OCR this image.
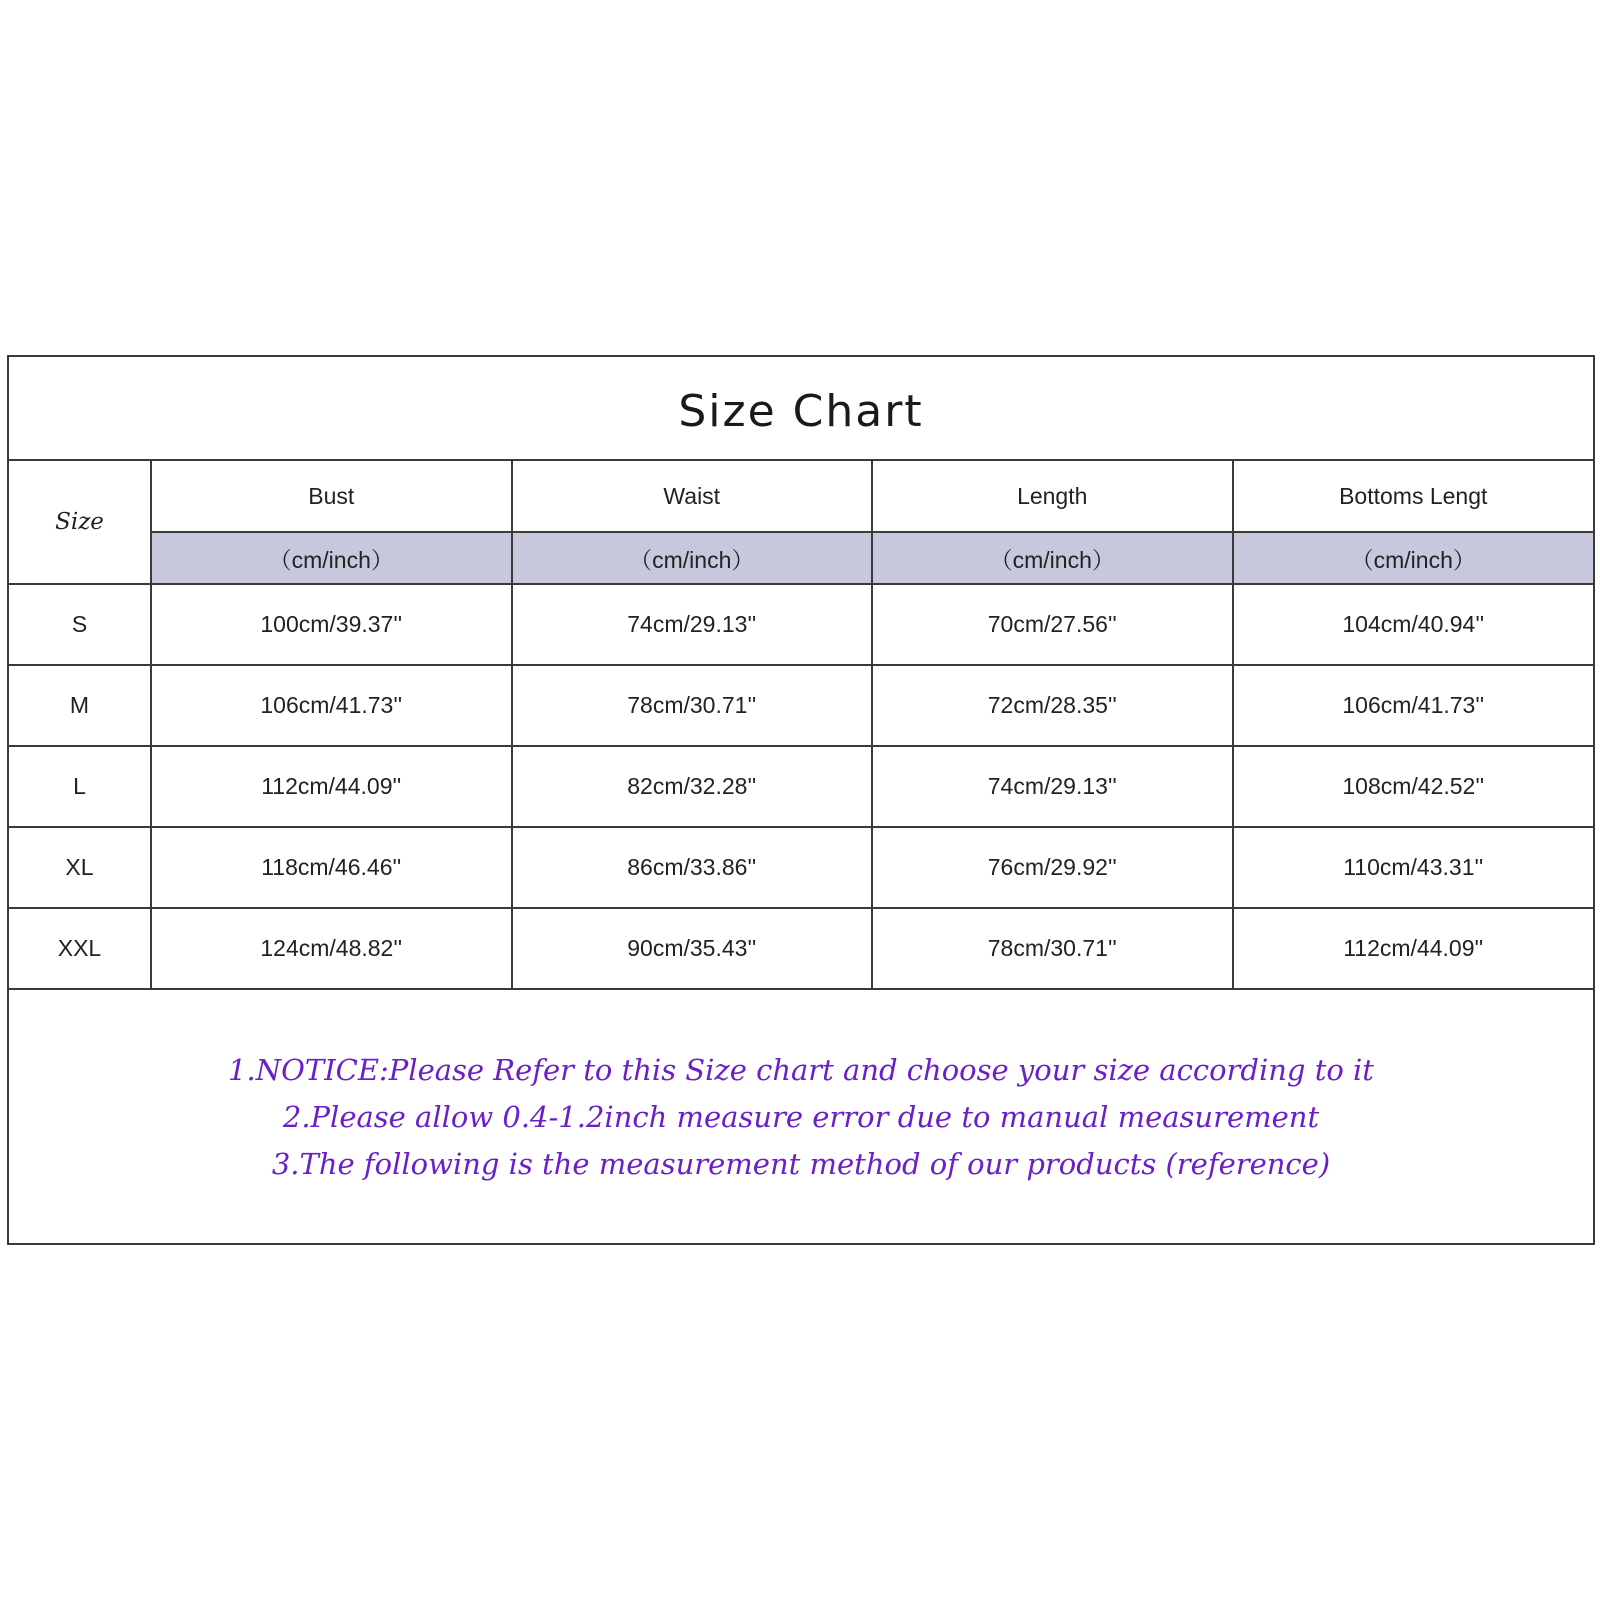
Size Chart
Size	Bust	Waist	Length	Bottoms Lengt
	（cm/inch）	（cm/inch）	（cm/inch）	（cm/inch）
S	100cm/39.37''	74cm/29.13''	70cm/27.56''	104cm/40.94''
M	106cm/41.73''	78cm/30.71''	72cm/28.35''	106cm/41.73''
L	112cm/44.09''	82cm/32.28''	74cm/29.13''	108cm/42.52''
XL	118cm/46.46''	86cm/33.86''	76cm/29.92''	110cm/43.31''
XXL	124cm/48.82''	90cm/35.43''	78cm/30.71''	112cm/44.09''
1.NOTICE:Please Refer to this Size chart and choose your size according to it
2.Please allow 0.4-1.2inch measure error due to manual measurement
3.The following is the measurement method of our products (reference)
